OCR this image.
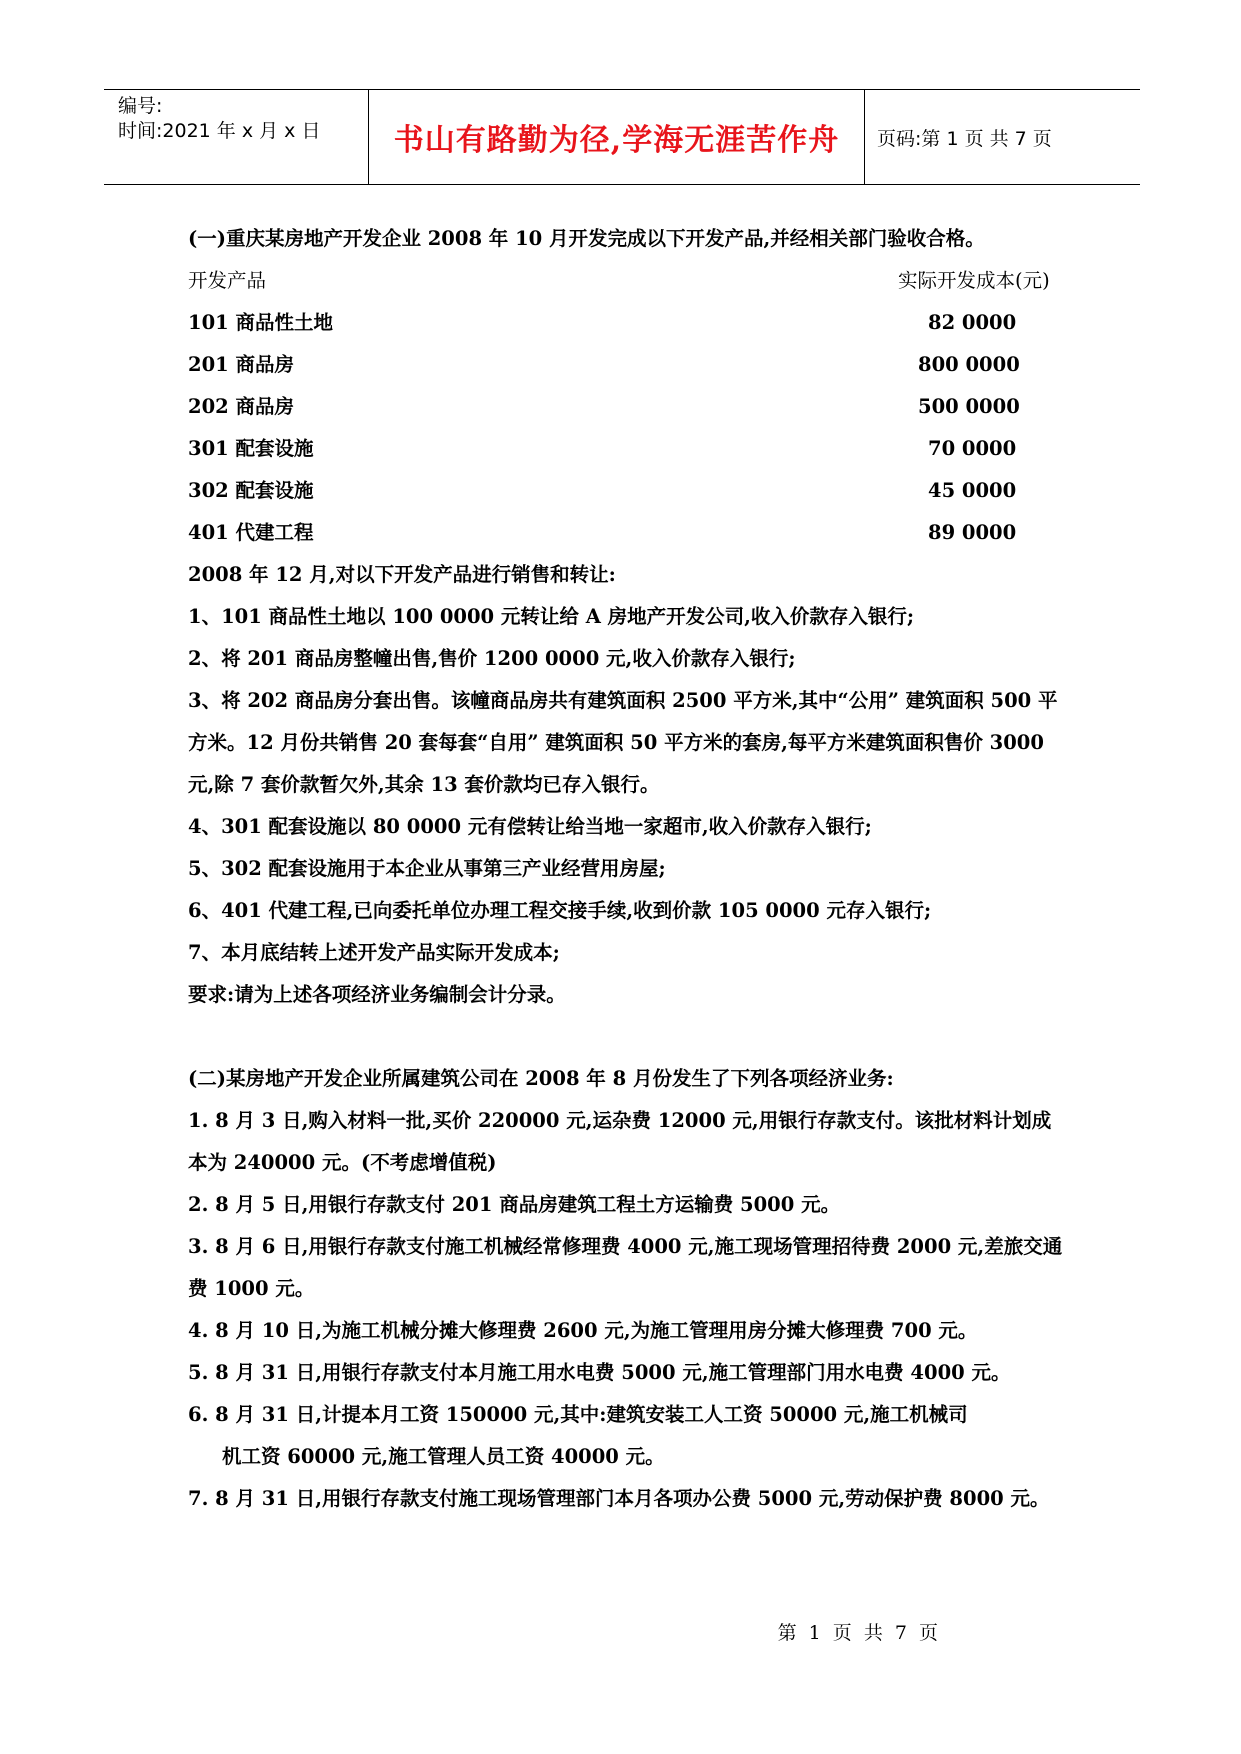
编号:
时间:2021 年 x 月 x 日	书山有路勤为径,学海无涯苦作舟	页码:第 1 页 共 7 页

(一)重庆某房地产开发企业 2008 年 10 月开发完成以下开发产品,并经相关部门验收合格。

开发产品	实际开发成本(元)
101 商品性土地	82 0000
201 商品房	800 0000
202 商品房	500 0000
301 配套设施	70 0000
302 配套设施	45 0000
401 代建工程	89 0000

2008 年 12 月,对以下开发产品进行销售和转让:

1、101 商品性土地以 100 0000 元转让给 A 房地产开发公司,收入价款存入银行;

2、将 201 商品房整幢出售,售价 1200 0000 元,收入价款存入银行;

3、将 202 商品房分套出售。该幢商品房共有建筑面积 2500 平方米,其中“公用” 建筑面积 500 平方米。12 月份共销售 20 套每套“自用” 建筑面积 50 平方米的套房,每平方米建筑面积售价 3000 元,除 7 套价款暂欠外,其余 13 套价款均已存入银行。

4、301 配套设施以 80 0000 元有偿转让给当地一家超市,收入价款存入银行;

5、302 配套设施用于本企业从事第三产业经营用房屋;

6、401 代建工程,已向委托单位办理工程交接手续,收到价款 105 0000 元存入银行;

7、本月底结转上述开发产品实际开发成本;

要求:请为上述各项经济业务编制会计分录。

(二)某房地产开发企业所属建筑公司在 2008 年 8 月份发生了下列各项经济业务:

1. 8 月 3 日,购入材料一批,买价 220000 元,运杂费 12000 元,用银行存款支付。该批材料计划成本为 240000 元。(不考虑增值税)

2. 8 月 5 日,用银行存款支付 201 商品房建筑工程土方运输费 5000 元。

3. 8 月 6 日,用银行存款支付施工机械经常修理费 4000 元,施工现场管理招待费 2000 元,差旅交通费 1000 元。

4. 8 月 10 日,为施工机械分摊大修理费 2600 元,为施工管理用房分摊大修理费 700 元。

5. 8 月 31 日,用银行存款支付本月施工用水电费 5000 元,施工管理部门用水电费 4000 元。

6. 8 月 31 日,计提本月工资 150000 元,其中:建筑安装工人工资 50000 元,施工机械司

机工资 60000 元,施工管理人员工资 40000 元。

7. 8 月 31 日,用银行存款支付施工现场管理部门本月各项办公费 5000 元,劳动保护费 8000 元。

第 1 页 共 7 页
